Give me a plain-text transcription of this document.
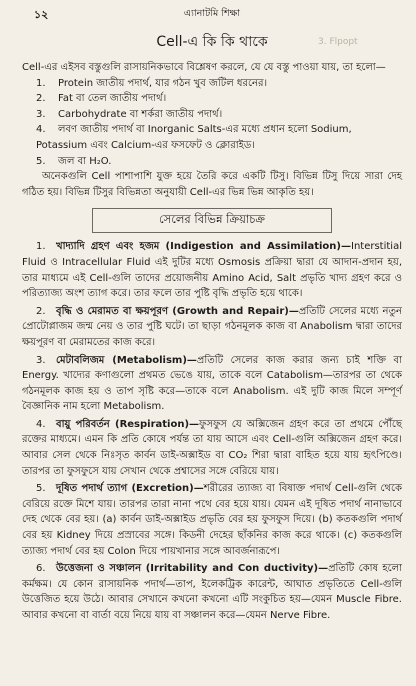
3. Flpopt
১২	এ্যানাটমি শিক্ষা
Cell-এ কি কি থাকে

Cell-এর এইসব বস্তুগুলি রাসায়নিকভাবে বিশ্লেষণ করলে, যে যে বস্তু পাওয়া যায়, তা হলো—

1. Protein জাতীয় পদার্থ, যার গঠন খুব জটিল ধরনের।
2. Fat বা তেল জাতীয় পদার্থ।
3. Carbohydrate বা শর্করা জাতীয় পদার্থ।
4. লবণ জাতীয় পদার্থ বা Inorganic Salts-এর মধ্যে প্রধান হলো Sodium, Potassium এবং Calcium-এর ফসফেট ও ক্লোরাইড।
5. জল বা H₂O.

অনেকগুলি Cell পাশাপাশি যুক্ত হয়ে তৈরি করে একটি টিসু। বিভিন্ন টিসু দিয়ে সারা দেহ গঠিত হয়। বিভিন্ন টিসুর বিভিন্নতা অনুযায়ী Cell-এর ভিন্ন ভিন্ন আকৃতি হয়।

সেলের বিভিন্ন ক্রিয়াচক্র

1. খাদ্যাদি গ্রহণ এবং হজম (Indigestion and Assimilation)—Interstitial Fluid ও Intracellular Fluid এই দুটির মধ্যে Osmosis প্রক্রিয়া দ্বারা যে আদান-প্রদান হয়, তার মাধ্যমে এই Cell-গুলি তাদের প্রয়োজনীয় Amino Acid, Salt প্রভৃতি খাদ্য গ্রহণ করে ও পরিত্যাজ্য অংশ ত্যাগ করে। তার ফলে তার পুষ্টি বৃদ্ধি প্রভৃতি হয়ে থাকে।

2. বৃদ্ধি ও মেরামত বা ক্ষয়পূরণ (Growth and Repair)—প্রতিটি সেলের মধ্যে নতুন প্রোটোপ্লাজম জন্ম নেয় ও তার পুষ্টি ঘটে। তা ছাড়া গঠনমূলক কাজ বা Anabolism দ্বারা তাদের ক্ষয়পূরণ বা মেরামতের কাজ করে।

3. মেটাবলিজম (Metabolism)—প্রতিটি সেলের কাজ করার জন্য চাই শক্তি বা Energy. খাদ্যের কণাগুলো প্রথমত ভেঙে যায়, তাকে বলে Catabolism—তারপর তা থেকে গঠনমূলক কাজ হয় ও তাপ সৃষ্টি করে—তাকে বলে Anabolism. এই দুটি কাজ মিলে সম্পূর্ণ বৈজ্ঞানিক নাম হলো Metabolism.

4. বায়ু পরিবর্তন (Respiration)—ফুসফুস যে অক্সিজেন গ্রহণ করে তা প্রথমে পৌঁছে রক্তের মাধ্যমে। এমন কি প্রতি কোষে পর্যন্ত তা যায় আসে এবং Cell-গুলি অক্সিজেন গ্রহণ করে। আবার সেল থেকে নিঃসৃত কার্বন ডাই-অক্সাইড বা CO₂ শিরা দ্বারা বাহিত হয়ে যায় হৃৎপিণ্ডে। তারপর তা ফুসফুসে যায় সেখান থেকে প্রশ্বাসের সঙ্গে বেরিয়ে যায়।

5. দূষিত পদার্থ ত্যাগ (Excretion)—শরীরের ত্যাজ্য বা বিষাক্ত পদার্থ Cell-গুলি থেকে বেরিয়ে রক্তে মিশে যায়। তারপর তারা নানা পথে বের হয়ে যায়। যেমন এই দূষিত পদার্থ নানাভাবে দেহ থেকে বের হয়। (a) কার্বন ডাই-অক্সাইড প্রভৃতি বের হয় ফুসফুস দিয়ে। (b) কতকগুলি পদার্থ বের হয় Kidney দিয়ে প্রস্রাবের সঙ্গে। কিডনী দেহের ছাঁকনির কাজ করে থাকে। (c) কতকগুলি ত্যাজ্য পদার্থ বের হয় Colon দিয়ে পায়খানার সঙ্গে আবর্জনারূপে।

6. উত্তেজনা ও সঞ্চালন (Irritability and Con ductivity)—প্রতিটি কোষ হলো কর্মক্ষম। যে কোন রাসায়নিক পদার্থ—তাপ, ইলেকট্রিক কারেন্ট, আঘাত প্রভৃতিতে Cell-গুলি উত্তেজিত হয়ে উঠে। আবার সেখানে কখনো কখনো এটি সংকুচিত হয়—যেমন Muscle Fibre. আবার কখনো বা বার্তা বয়ে নিয়ে যায় বা সঞ্চালন করে—যেমন Nerve Fibre.
